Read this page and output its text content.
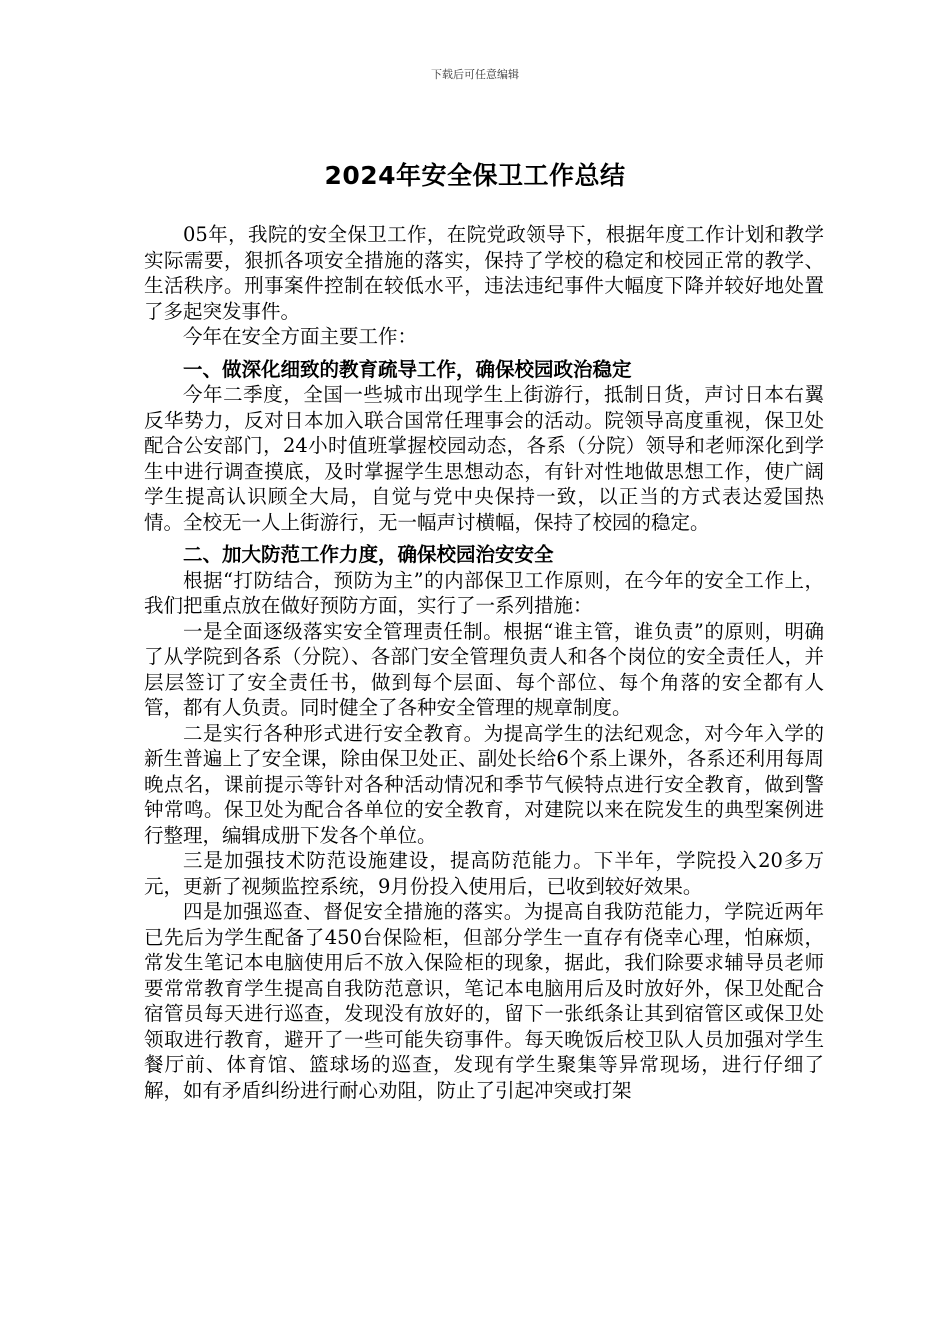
下载后可任意编辑
2024年安全保卫工作总结

05年，我院的安全保卫工作，在院党政领导下，根据年度工作计划和教学实际需要，狠抓各项安全措施的落实，保持了学校的稳定和校园正常的教学、生活秩序。刑事案件控制在较低水平，违法违纪事件大幅度下降并较好地处置了多起突发事件。

今年在安全方面主要工作：

一、做深化细致的教育疏导工作，确保校园政治稳定

今年二季度，全国一些城市出现学生上街游行，抵制日货，声讨日本右翼反华势力，反对日本加入联合国常任理事会的活动。院领导高度重视，保卫处配合公安部门，24小时值班掌握校园动态，各系（分院）领导和老师深化到学生中进行调查摸底，及时掌握学生思想动态，有针对性地做思想工作，使广阔学生提高认识顾全大局，自觉与党中央保持一致，以正当的方式表达爱国热情。全校无一人上街游行，无一幅声讨横幅，保持了校园的稳定。

二、加大防范工作力度，确保校园治安安全

根据“打防结合，预防为主”的内部保卫工作原则，在今年的安全工作上，我们把重点放在做好预防方面，实行了一系列措施：

一是全面逐级落实安全管理责任制。根据“谁主管，谁负责”的原则，明确了从学院到各系（分院）、各部门安全管理负责人和各个岗位的安全责任人，并层层签订了安全责任书，做到每个层面、每个部位、每个角落的安全都有人管，都有人负责。同时健全了各种安全管理的规章制度。

二是实行各种形式进行安全教育。为提高学生的法纪观念，对今年入学的新生普遍上了安全课，除由保卫处正、副处长给6个系上课外，各系还利用每周晚点名，课前提示等针对各种活动情况和季节气候特点进行安全教育，做到警钟常鸣。保卫处为配合各单位的安全教育，对建院以来在院发生的典型案例进行整理，编辑成册下发各个单位。

三是加强技术防范设施建设，提高防范能力。下半年，学院投入20多万元，更新了视频监控系统，9月份投入使用后，已收到较好效果。

四是加强巡查、督促安全措施的落实。为提高自我防范能力，学院近两年已先后为学生配备了450台保险柜，但部分学生一直存有侥幸心理，怕麻烦，常发生笔记本电脑使用后不放入保险柜的现象，据此，我们除要求辅导员老师要常常教育学生提高自我防范意识，笔记本电脑用后及时放好外，保卫处配合宿管员每天进行巡查，发现没有放好的，留下一张纸条让其到宿管区或保卫处领取进行教育，避开了一些可能失窃事件。每天晚饭后校卫队人员加强对学生餐厅前、体育馆、篮球场的巡查，发现有学生聚集等异常现场，进行仔细了解，如有矛盾纠纷进行耐心劝阻，防止了引起冲突或打架
